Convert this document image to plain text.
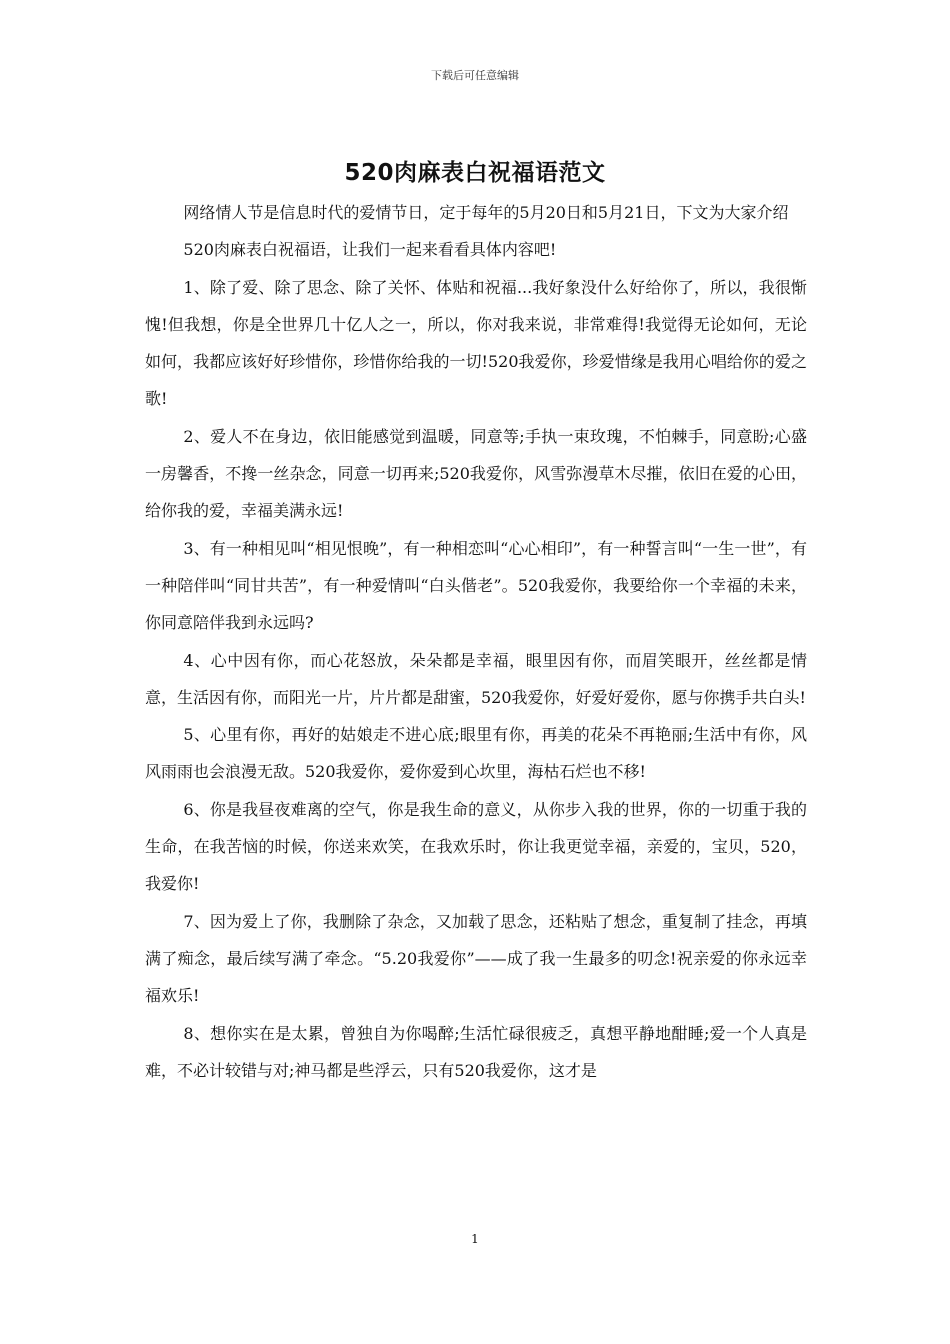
下载后可任意编辑
520肉麻表白祝福语范文

网络情人节是信息时代的爱情节日，定于每年的5月20日和5月21日，下文为大家介绍

520肉麻表白祝福语，让我们一起来看看具体内容吧!

1、除了爱、除了思念、除了关怀、体贴和祝福...我好象没什么好给你了，所以，我很惭愧!但我想，你是全世界几十亿人之一，所以，你对我来说，非常难得!我觉得无论如何，无论如何，我都应该好好珍惜你，珍惜你给我的一切!520我爱你，珍爱惜缘是我用心唱给你的爱之歌!

2、爱人不在身边，依旧能感觉到温暖，同意等;手执一束玫瑰，不怕棘手，同意盼;心盛一房馨香，不搀一丝杂念，同意一切再来;520我爱你，风雪弥漫草木尽摧，依旧在爱的心田，给你我的爱，幸福美满永远!

3、有一种相见叫“相见恨晚”，有一种相恋叫“心心相印”，有一种誓言叫“一生一世”，有一种陪伴叫“同甘共苦”，有一种爱情叫“白头偕老”。520我爱你，我要给你一个幸福的未来，你同意陪伴我到永远吗?

4、心中因有你，而心花怒放，朵朵都是幸福，眼里因有你，而眉笑眼开，丝丝都是情意，生活因有你，而阳光一片，片片都是甜蜜，520我爱你，好爱好爱你，愿与你携手共白头!

5、心里有你，再好的姑娘走不进心底;眼里有你，再美的花朵不再艳丽;生活中有你，风风雨雨也会浪漫无敌。520我爱你，爱你爱到心坎里，海枯石烂也不移!

6、你是我昼夜难离的空气，你是我生命的意义，从你步入我的世界，你的一切重于我的生命，在我苦恼的时候，你送来欢笑，在我欢乐时，你让我更觉幸福，亲爱的，宝贝，520，我爱你!

7、因为爱上了你，我删除了杂念，又加载了思念，还粘贴了想念，重复制了挂念，再填满了痴念，最后续写满了牵念。“5.20我爱你”——成了我一生最多的叨念!祝亲爱的你永远幸福欢乐!

8、想你实在是太累，曾独自为你喝醉;生活忙碌很疲乏，真想平静地酣睡;爱一个人真是难，不必计较错与对;神马都是些浮云，只有520我爱你，这才是

1
